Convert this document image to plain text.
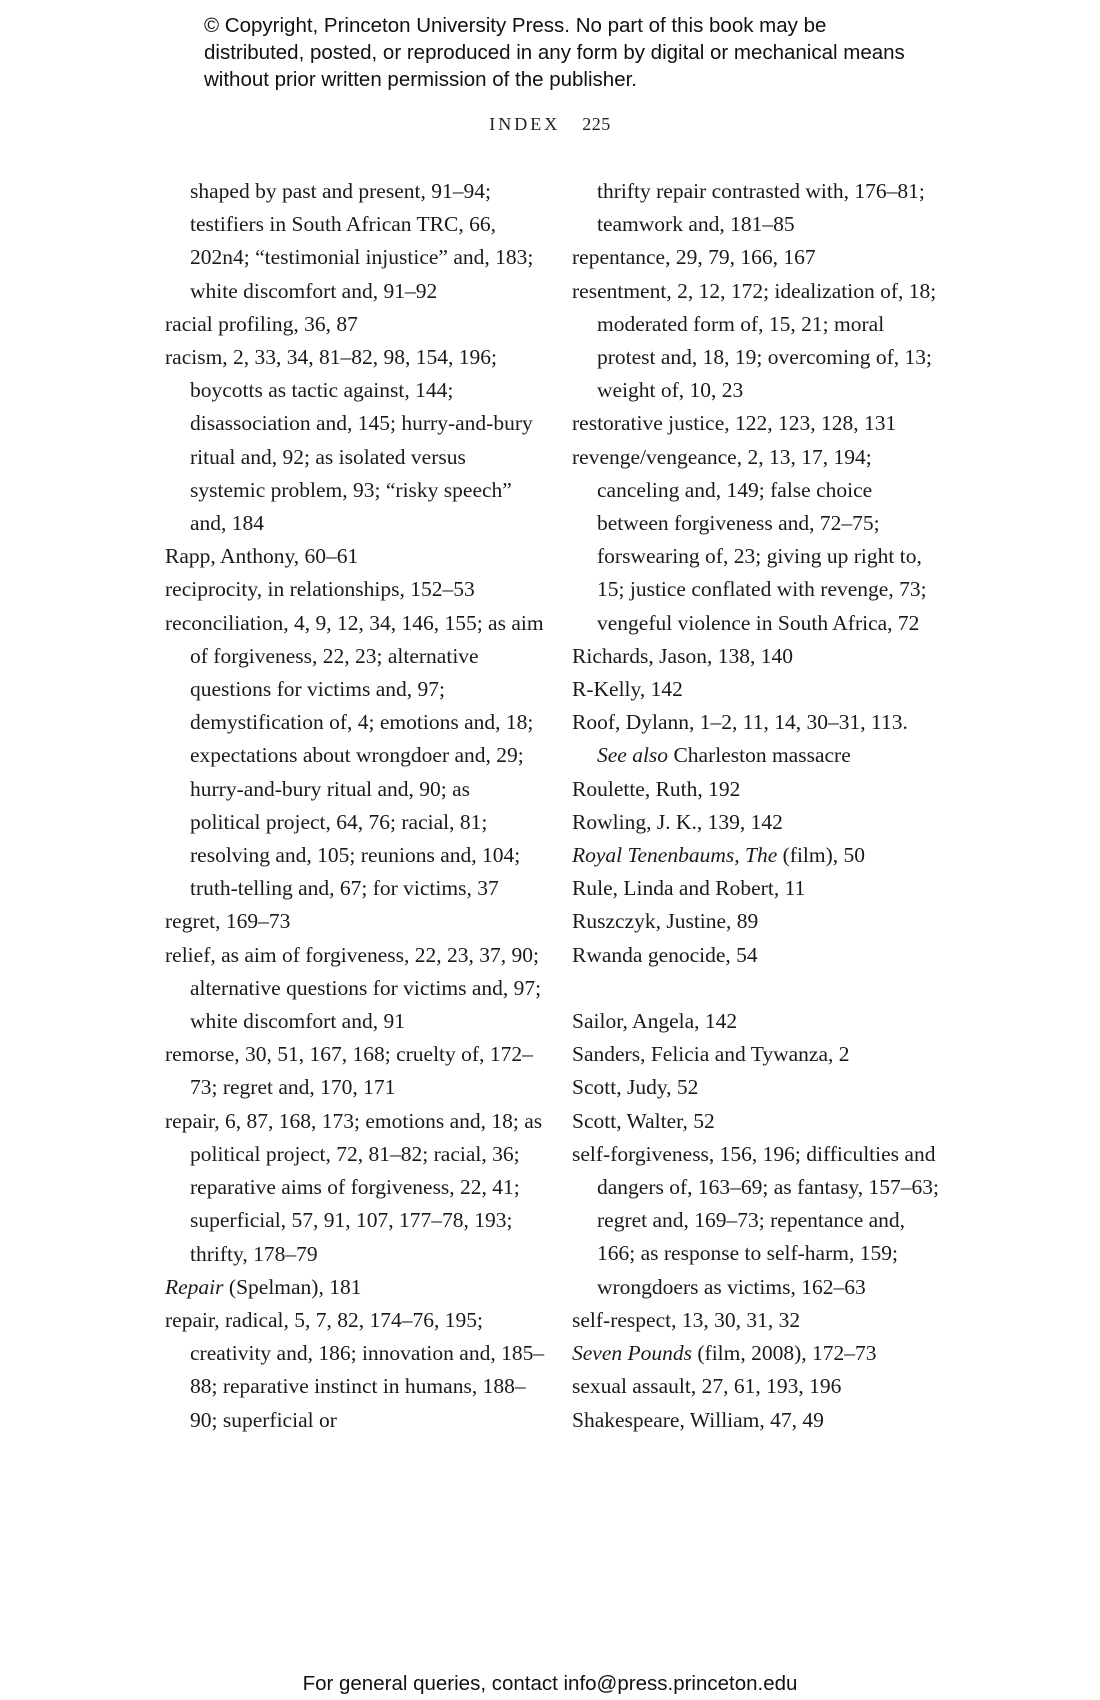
© Copyright, Princeton University Press. No part of this book may be distributed, posted, or reproduced in any form by digital or mechanical means without prior written permission of the publisher.
INDEX 225

shaped by past and present, 91–94; testifiers in South African TRC, 66, 202n4; “testimonial injustice” and, 183; white discomfort and, 91–92

racial profiling, 36, 87

racism, 2, 33, 34, 81–82, 98, 154, 196; boycotts as tactic against, 144; disassociation and, 145; hurry-and-bury ritual and, 92; as isolated versus systemic problem, 93; “risky speech” and, 184

Rapp, Anthony, 60–61

reciprocity, in relationships, 152–53

reconciliation, 4, 9, 12, 34, 146, 155; as aim of forgiveness, 22, 23; alternative questions for victims and, 97; demystification of, 4; emotions and, 18; expectations about wrongdoer and, 29; hurry-and-bury ritual and, 90; as political project, 64, 76; racial, 81; resolving and, 105; reunions and, 104; truth-telling and, 67; for victims, 37

regret, 169–73

relief, as aim of forgiveness, 22, 23, 37, 90; alternative questions for victims and, 97; white discomfort and, 91

remorse, 30, 51, 167, 168; cruelty of, 172–73; regret and, 170, 171

repair, 6, 87, 168, 173; emotions and, 18; as political project, 72, 81–82; racial, 36; reparative aims of forgiveness, 22, 41; superficial, 57, 91, 107, 177–78, 193; thrifty, 178–79

Repair (Spelman), 181

repair, radical, 5, 7, 82, 174–76, 195; creativity and, 186; innovation and, 185–88; reparative instinct in humans, 188–90; superficial or

thrifty repair contrasted with, 176–81; teamwork and, 181–85

repentance, 29, 79, 166, 167

resentment, 2, 12, 172; idealization of, 18; moderated form of, 15, 21; moral protest and, 18, 19; overcoming of, 13; weight of, 10, 23

restorative justice, 122, 123, 128, 131

revenge/vengeance, 2, 13, 17, 194; canceling and, 149; false choice between forgiveness and, 72–75; forswearing of, 23; giving up right to, 15; justice conflated with revenge, 73; vengeful violence in South Africa, 72

Richards, Jason, 138, 140

R-Kelly, 142

Roof, Dylann, 1–2, 11, 14, 30–31, 113.

See also Charleston massacre

Roulette, Ruth, 192

Rowling, J. K., 139, 142

Royal Tenenbaums, The (film), 50

Rule, Linda and Robert, 11

Ruszczyk, Justine, 89

Rwanda genocide, 54

Sailor, Angela, 142

Sanders, Felicia and Tywanza, 2

Scott, Judy, 52

Scott, Walter, 52

self-forgiveness, 156, 196; difficulties and dangers of, 163–69; as fantasy, 157–63; regret and, 169–73; repentance and, 166; as response to self-harm, 159; wrongdoers as victims, 162–63

self-respect, 13, 30, 31, 32

Seven Pounds (film, 2008), 172–73

sexual assault, 27, 61, 193, 196

Shakespeare, William, 47, 49

For general queries, contact info@press.princeton.edu
